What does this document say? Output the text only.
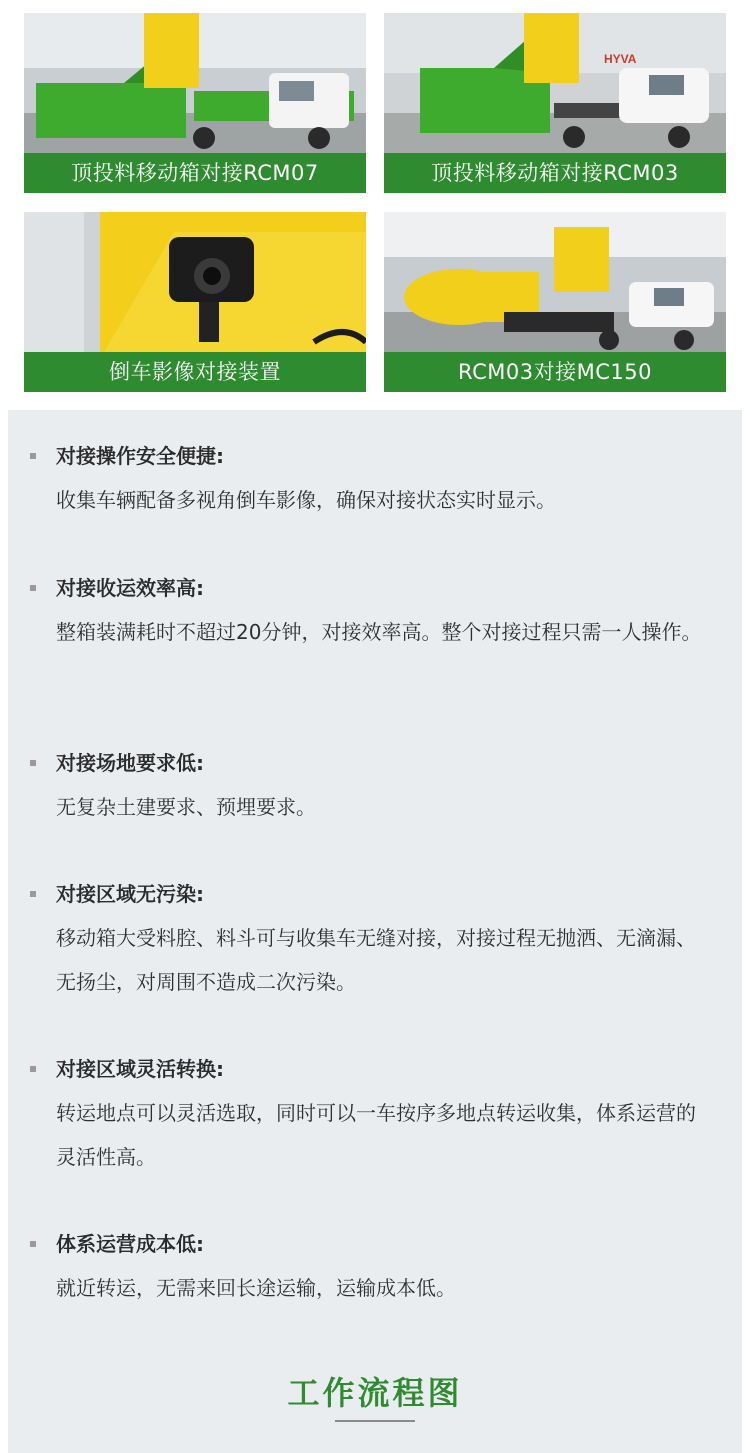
顶投料移动箱对接RCM07
HYVA
顶投料移动箱对接RCM03
倒车影像对接装置	RCM03对接MC150
对接操作安全便捷:
收集车辆配备多视角倒车影像，确保对接状态实时显示。
对接收运效率高:
整箱装满耗时不超过20分钟，对接效率高。整个对接过程只需一人操作。
对接场地要求低:
无复杂土建要求、预埋要求。
对接区域无污染:
移动箱大受料腔、料斗可与收集车无缝对接，对接过程无抛洒、无滴漏、无扬尘，对周围不造成二次污染。
对接区域灵活转换:
转运地点可以灵活选取，同时可以一车按序多地点转运收集，体系运营的灵活性高。
体系运营成本低:
就近转运，无需来回长途运输，运输成本低。
工作流程图
